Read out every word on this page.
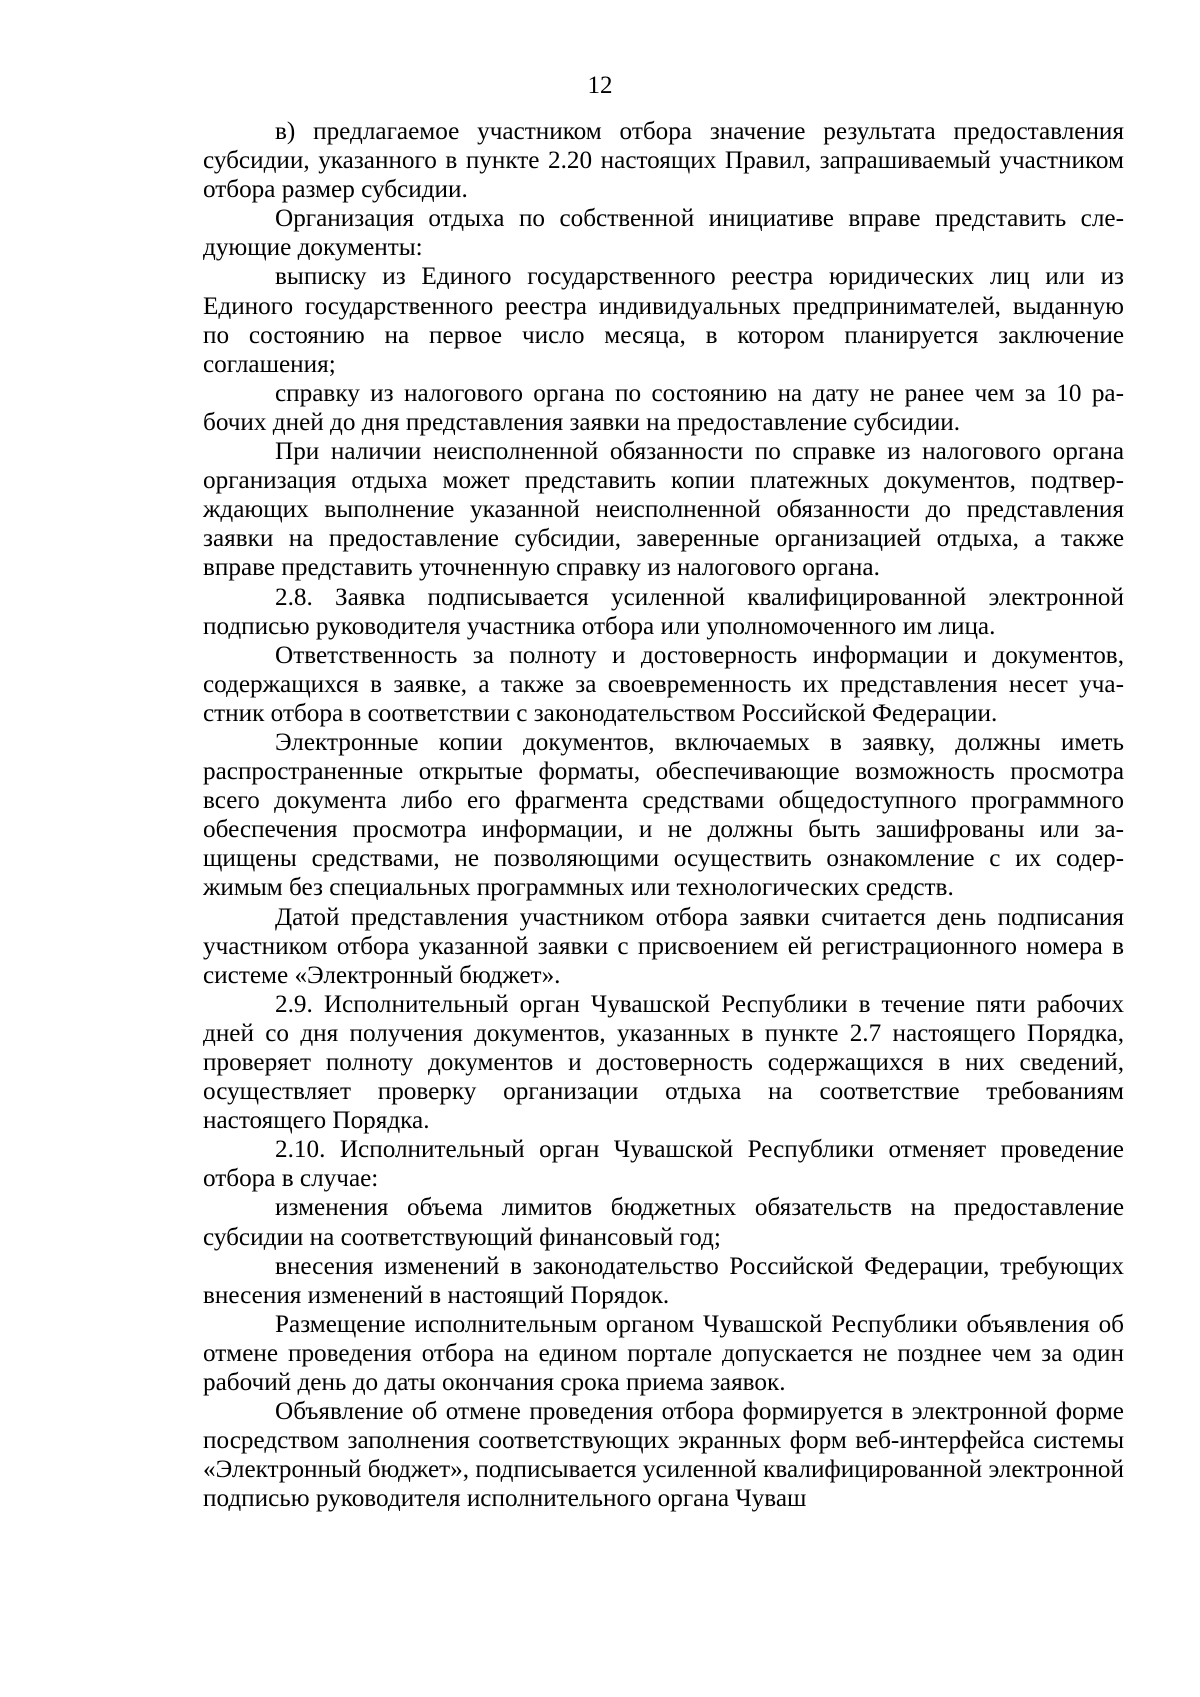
12

в) предлагаемое участником отбора значение результата предоставления субсидии, указанного в пункте 2.20 настоящих Правил, запрашиваемый участником отбора размер субсидии.

Организация отдыха по собственной инициативе вправе представить следующие документы:

выписку из Единого государственного реестра юридических лиц или из Единого государственного реестра индивидуальных предпринимателей, выданную по состоянию на первое число месяца, в котором планируется заключение соглашения;

справку из налогового органа по состоянию на дату не ранее чем за 10 рабочих дней до дня представления заявки на предоставление субсидии.

При наличии неисполненной обязанности по справке из налогового органа организация отдыха может представить копии платежных документов, подтверждающих выполнение указанной неисполненной обязанности до представления заявки на предоставление субсидии, заверенные организацией отдыха, а также вправе представить уточненную справку из налогового органа.

2.8. Заявка подписывается усиленной квалифицированной электронной подписью руководителя участника отбора или уполномоченного им лица.

Ответственность за полноту и достоверность информации и документов, содержащихся в заявке, а также за своевременность их представления несет участник отбора в соответствии с законодательством Российской Федерации.

Электронные копии документов, включаемых в заявку, должны иметь распространенные открытые форматы, обеспечивающие возможность просмотра всего документа либо его фрагмента средствами общедоступного программного обеспечения просмотра информации, и не должны быть зашифрованы или защищены средствами, не позволяющими осуществить ознакомление с их содержимым без специальных программных или технологических средств.

Датой представления участником отбора заявки считается день подписания участником отбора указанной заявки с присвоением ей регистрационного номера в системе «Электронный бюджет».

2.9. Исполнительный орган Чувашской Республики в течение пяти рабочих дней со дня получения документов, указанных в пункте 2.7 настоящего Порядка, проверяет полноту документов и достоверность содержащихся в них сведений, осуществляет проверку организации отдыха на соответствие требованиям настоящего Порядка.

2.10. Исполнительный орган Чувашской Республики отменяет проведение отбора в случае:

изменения объема лимитов бюджетных обязательств на предоставление субсидии на соответствующий финансовый год;

внесения изменений в законодательство Российской Федерации, требующих внесения изменений в настоящий Порядок.

Размещение исполнительным органом Чувашской Республики объявления об отмене проведения отбора на едином портале допускается не позднее чем за один рабочий день до даты окончания срока приема заявок.

Объявление об отмене проведения отбора формируется в электронной форме посредством заполнения соответствующих экранных форм веб-интерфейса системы «Электронный бюджет», подписывается усиленной квалифицированной электронной подписью руководителя исполнительного органа Чуваш
